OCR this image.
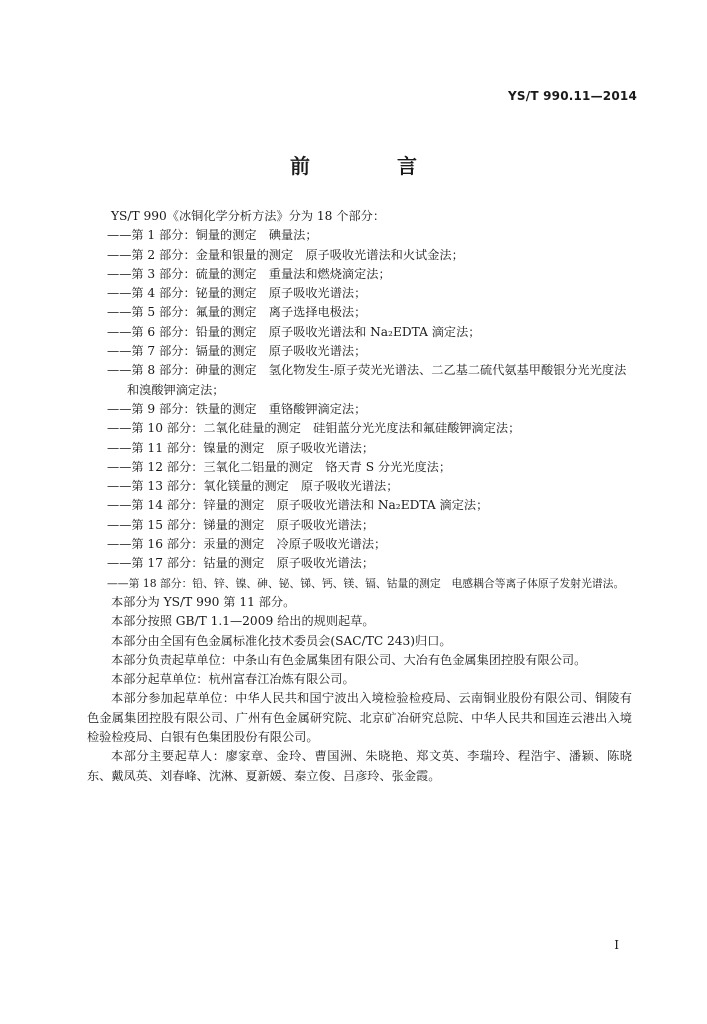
YS/T 990.11—2014
前 言
YS/T 990《冰铜化学分析方法》分为 18 个部分：
——第 1 部分：铜量的测定　碘量法；
——第 2 部分：金量和银量的测定　原子吸收光谱法和火试金法；
——第 3 部分：硫量的测定　重量法和燃烧滴定法；
——第 4 部分：铋量的测定　原子吸收光谱法；
——第 5 部分：氟量的测定　离子选择电极法；
——第 6 部分：铅量的测定　原子吸收光谱法和 Na₂EDTA 滴定法；
——第 7 部分：镉量的测定　原子吸收光谱法；
——第 8 部分：砷量的测定　氢化物发生-原子荧光光谱法、二乙基二硫代氨基甲酸银分光光度法
和溴酸钾滴定法；
——第 9 部分：铁量的测定　重铬酸钾滴定法；
——第 10 部分：二氧化硅量的测定　硅钼蓝分光光度法和氟硅酸钾滴定法；
——第 11 部分：镍量的测定　原子吸收光谱法；
——第 12 部分：三氧化二铝量的测定　铬天青 S 分光光度法；
——第 13 部分：氧化镁量的测定　原子吸收光谱法；
——第 14 部分：锌量的测定　原子吸收光谱法和 Na₂EDTA 滴定法；
——第 15 部分：锑量的测定　原子吸收光谱法；
——第 16 部分：汞量的测定　冷原子吸收光谱法；
——第 17 部分：钴量的测定　原子吸收光谱法；
——第 18 部分：铅、锌、镍、砷、铋、锑、钙、镁、镉、钴量的测定　电感耦合等离子体原子发射光谱法。
本部分为 YS/T 990 第 11 部分。
本部分按照 GB/T 1.1—2009 给出的规则起草。
本部分由全国有色金属标准化技术委员会(SAC/TC 243)归口。
本部分负责起草单位：中条山有色金属集团有限公司、大冶有色金属集团控股有限公司。
本部分起草单位：杭州富春江冶炼有限公司。
本部分参加起草单位：中华人民共和国宁波出入境检验检疫局、云南铜业股份有限公司、铜陵有色金属集团控股有限公司、广州有色金属研究院、北京矿冶研究总院、中华人民共和国连云港出入境检验检疫局、白银有色集团股份有限公司。
本部分主要起草人：廖家章、金玲、曹国洲、朱晓艳、郑文英、李瑞玲、程浩宇、潘颖、陈晓东、戴凤英、刘春峰、沈淋、夏新媛、秦立俊、吕彦玲、张金霞。
I
